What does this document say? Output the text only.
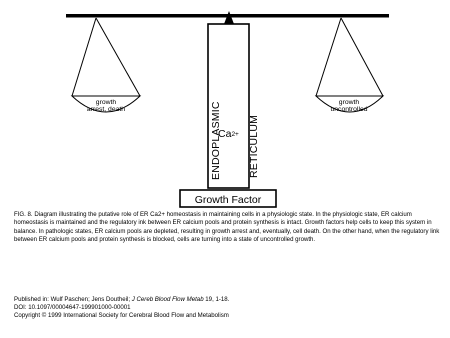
growth
arrest, death
growth
uncontrolled
ENDOPLASMIC RETICULUM
Ca2+
Growth Factor

FIG. 8. Diagram illustrating the putative role of ER Ca2+ homeostasis in maintaining cells in a physiologic state. In the physiologic state, ER calcium homeostasis is maintained and the regulatory ink between ER calcium pools and protein synthesis is intact. Growth factors help cells to keep this system in balance. In pathologic states, ER calcium pools are depleted, resulting in growth arrest and, eventually, cell death. On the other hand, when the regulatory link between ER calcium pools and protein synthesis is blocked, cells are turning into a state of uncontrolled growth.

Published in: Wulf Paschen; Jens Doutheil; J Cereb Blood Flow Metab 19, 1-18.
DOI: 10.1097/00004647-199901000-00001
Copyright © 1999 International Society for Cerebral Blood Flow and Metabolism
